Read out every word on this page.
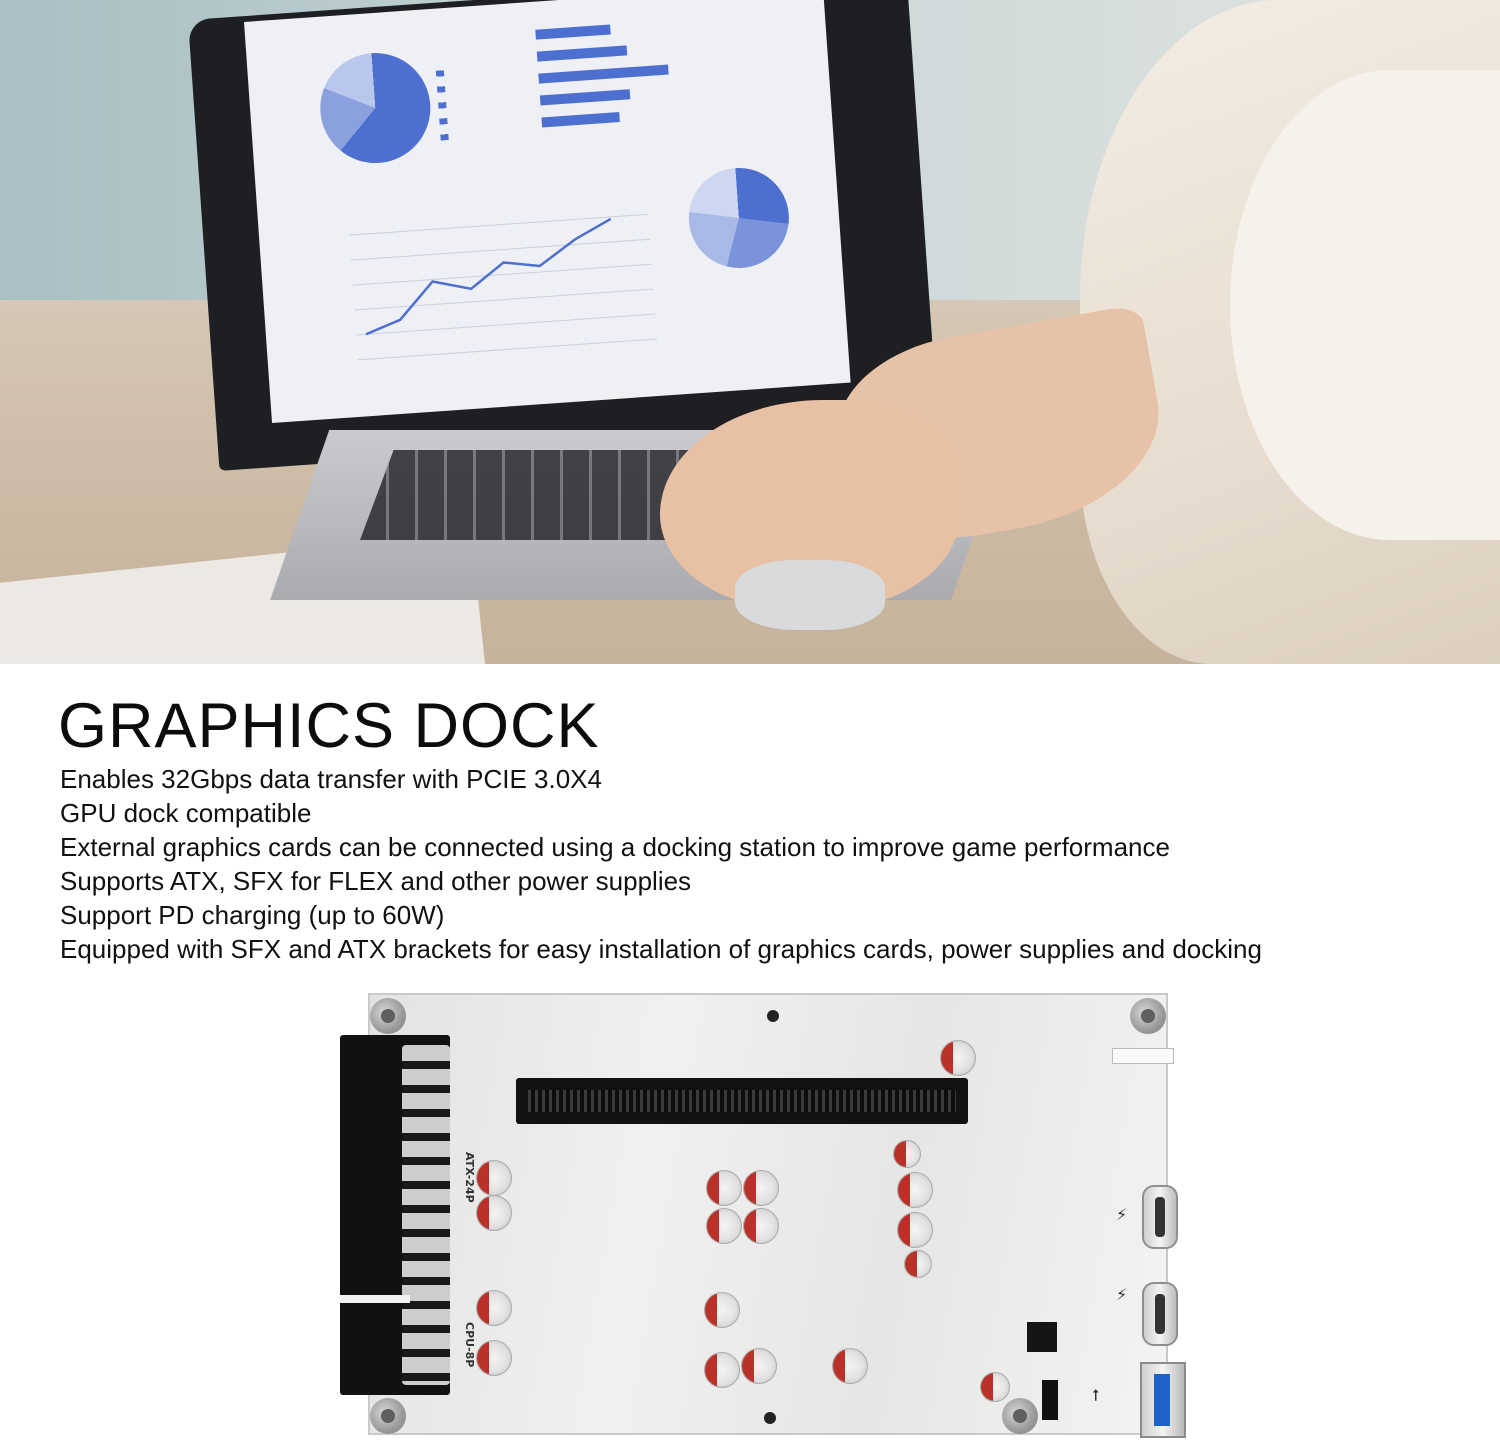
GRAPHICS DOCK
Enables 32Gbps data transfer with PCIE 3.0X4
GPU dock compatible
External graphics cards can be connected using a docking station to improve game performance
Supports ATX, SFX for FLEX and other power supplies
Support PD charging (up to 60W)
Equipped with SFX and ATX brackets for easy installation of graphics cards, power supplies and docking
ATX-24P
CPU-8P
⚡
⚡
⭠
